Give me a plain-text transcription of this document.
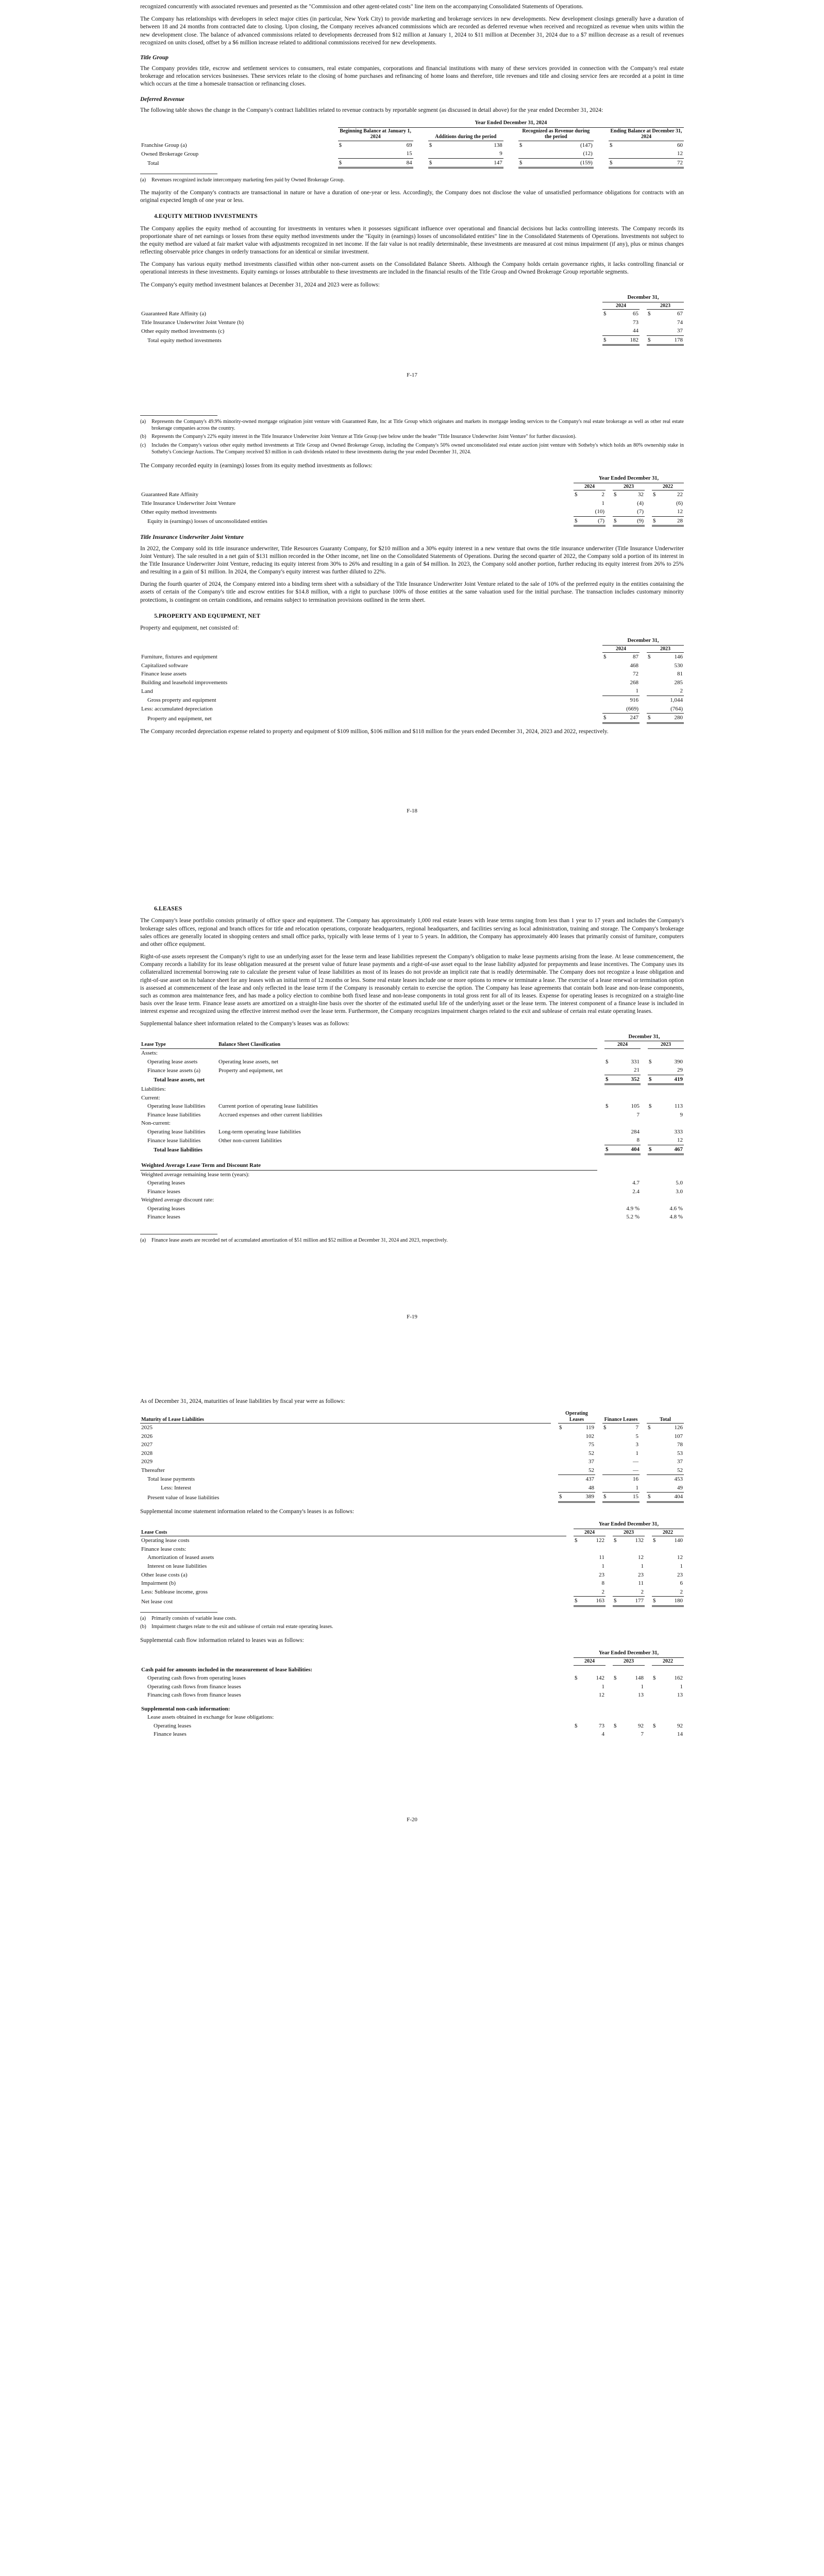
recognized concurrently with associated revenues and presented as the "Commission and other agent-related costs" line item on the accompanying Consolidated Statements of Operations.

The Company has relationships with developers in select major cities (in particular, New York City) to provide marketing and brokerage services in new developments. New development closings generally have a duration of between 18 and 24 months from contracted date to closing. Upon closing, the Company receives advanced commissions which are recorded as deferred revenue when received and recognized as revenue when units within the new development close. The balance of advanced commissions related to developments decreased from $12 million at January 1, 2024 to $11 million at December 31, 2024 due to a $7 million decrease as a result of revenues recognized on units closed, offset by a $6 million increase related to additional commissions received for new developments.

Title Group

The Company provides title, escrow and settlement services to consumers, real estate companies, corporations and financial institutions with many of these services provided in connection with the Company's real estate brokerage and relocation services businesses. These services relate to the closing of home purchases and refinancing of home loans and therefore, title revenues and title and closing service fees are recorded at a point in time which occurs at the time a homesale transaction or refinancing closes.

Deferred Revenue

The following table shows the change in the Company's contract liabilities related to revenue contracts by reportable segment (as discussed in detail above) for the year ended December 31, 2024:

		Year Ended December 31, 2024										
		Beginning Balance at January 1, 2024			Additions during the period			Recognized as Revenue during the period			Ending Balance at December 31, 2024	
Franchise Group (a)		$	69		$	138		$	(147)		$	60
Owned Brokerage Group			15			9			(12)			12
Total		$	84		$	147		$	(159)		$	72
(a)	Revenues recognized include intercompany marketing fees paid by Owned Brokerage Group.

The majority of the Company's contracts are transactional in nature or have a duration of one-year or less. Accordingly, the Company does not disclose the value of unsatisfied performance obligations for contracts with an original expected length of one year or less.

4.EQUITY METHOD INVESTMENTS

The Company applies the equity method of accounting for investments in ventures when it possesses significant influence over operational and financial decisions but lacks controlling interests. The Company records its proportionate share of net earnings or losses from these equity method investments under the "Equity in (earnings) losses of unconsolidated entities" line in the Consolidated Statements of Operations. Investments not subject to the equity method are valued at fair market value with adjustments recognized in net income. If the fair value is not readily determinable, these investments are measured at cost minus impairment (if any), plus or minus changes reflecting observable price changes in orderly transactions for an identical or similar investment.

The Company has various equity method investments classified within other non-current assets on the Consolidated Balance Sheets. Although the Company holds certain governance rights, it lacks controlling financial or operational interests in these investments. Equity earnings or losses attributable to these investments are included in the financial results of the Title Group and Owned Brokerage Group reportable segments.

The Company's equity method investment balances at December 31, 2024 and 2023 were as follows:

		December 31,				
		2024			2023	
Guaranteed Rate Affinity (a)		$	65		$	67
Title Insurance Underwriter Joint Venture (b)			73			74
Other equity method investments (c)			44			37
Total equity method investments		$	182		$	178
F-17
(a)	Represents the Company's 49.9% minority-owned mortgage origination joint venture with Guaranteed Rate, Inc at Title Group which originates and markets its mortgage lending services to the Company's real estate brokerage as well as other real estate brokerage companies across the country.
(b)	Represents the Company's 22% equity interest in the Title Insurance Underwriter Joint Venture at Title Group (see below under the header "Title Insurance Underwriter Joint Venture" for further discussion).
(c)	Includes the Company's various other equity method investments at Title Group and Owned Brokerage Group, including the Company's 50% owned unconsolidated real estate auction joint venture with Sotheby's which holds an 80% ownership stake in Sotheby's Concierge Auctions. The Company received $3 million in cash dividends related to these investments during the year ended December 31, 2024.

The Company recorded equity in (earnings) losses from its equity method investments as follows:

		Year Ended December 31,							
		2024			2023			2022	
Guaranteed Rate Affinity		$	2		$	32		$	22
Title Insurance Underwriter Joint Venture			1			(4)			(6)
Other equity method investments			(10)			(7)			12
Equity in (earnings) losses of unconsolidated entities		$	(7)		$	(9)		$	28
Title Insurance Underwriter Joint Venture

In 2022, the Company sold its title insurance underwriter, Title Resources Guaranty Company, for $210 million and a 30% equity interest in a new venture that owns the title insurance underwriter (Title Insurance Underwriter Joint Venture). The sale resulted in a net gain of $131 million recorded in the Other income, net line on the Consolidated Statements of Operations. During the second quarter of 2022, the Company sold a portion of its interest in the Title Insurance Underwriter Joint Venture, reducing its equity interest from 30% to 26% and resulting in a gain of $4 million. In 2023, the Company sold another portion, further reducing its equity interest from 26% to 25% and resulting in a gain of $1 million. In 2024, the Company's equity interest was further diluted to 22%.

During the fourth quarter of 2024, the Company entered into a binding term sheet with a subsidiary of the Title Insurance Underwriter Joint Venture related to the sale of 10% of the preferred equity in the entities containing the assets of certain of the Company's title and escrow entities for $14.8 million, with a right to purchase 100% of those entities at the same valuation used for the initial purchase. The transaction includes customary minority protections, is contingent on certain conditions, and remains subject to termination provisions outlined in the term sheet.

5.PROPERTY AND EQUIPMENT, NET

Property and equipment, net consisted of:

		December 31,				
		2024			2023	
Furniture, fixtures and equipment		$	87		$	146
Capitalized software			468			530
Finance lease assets			72			81
Building and leasehold improvements			268			285
Land			1			2
Gross property and equipment			916			1,044
Less: accumulated depreciation			(669)			(764)
Property and equipment, net		$	247		$	280

The Company recorded depreciation expense related to property and equipment of $109 million, $106 million and $118 million for the years ended December 31, 2024, 2023 and 2022, respectively.

F-18
6.LEASES

The Company's lease portfolio consists primarily of office space and equipment. The Company has approximately 1,000 real estate leases with lease terms ranging from less than 1 year to 17 years and includes the Company's brokerage sales offices, regional and branch offices for title and relocation operations, corporate headquarters, regional headquarters, and facilities serving as local administration, training and storage. The Company's brokerage sales offices are generally located in shopping centers and small office parks, typically with lease terms of 1 year to 5 years. In addition, the Company has approximately 400 leases that primarily consist of furniture, computers and other office equipment.

Right-of-use assets represent the Company's right to use an underlying asset for the lease term and lease liabilities represent the Company's obligation to make lease payments arising from the lease. At lease commencement, the Company records a liability for its lease obligation measured at the present value of future lease payments and a right-of-use asset equal to the lease liability adjusted for prepayments and lease incentives. The Company uses its collateralized incremental borrowing rate to calculate the present value of lease liabilities as most of its leases do not provide an implicit rate that is readily determinable. The Company does not recognize a lease obligation and right-of-use asset on its balance sheet for any leases with an initial term of 12 months or less. Some real estate leases include one or more options to renew or terminate a lease. The exercise of a lease renewal or termination option is assessed at commencement of the lease and only reflected in the lease term if the Company is reasonably certain to exercise the option. The Company has lease agreements that contain both lease and non-lease components, such as common area maintenance fees, and has made a policy election to combine both fixed lease and non-lease components in total gross rent for all of its leases. Expense for operating leases is recognized on a straight-line basis over the lease term. Finance lease assets are amortized on a straight-line basis over the shorter of the estimated useful life of the underlying asset or the lease term. The interest component of a finance lease is included in interest expense and recognized using the effective interest method over the lease term. Furthermore, the Company recognizes impairment charges related to the exit and sublease of certain real estate operating leases.

Supplemental balance sheet information related to the Company's leases was as follows:

			December 31,				
Lease Type	Balance Sheet Classification		2024			2023	
Assets:							
Operating lease assets	Operating lease assets, net		$	331		$	390
Finance lease assets (a)	Property and equipment, net			21			29
Total lease assets, net			$	352		$	419
Liabilities:							
Current:							
Operating lease liabilities	Current portion of operating lease liabilities		$	105		$	113
Finance lease liabilities	Accrued expenses and other current liabilities			7			9
Non-current:							
Operating lease liabilities	Long-term operating lease liabilities			284			333
Finance lease liabilities	Other non-current liabilities			8			12
Total lease liabilities			$	404		$	467

Weighted Average Lease Term and Discount Rate							
Weighted average remaining lease term (years):							
Operating leases				4.7			5.0
Finance leases				2.4			3.0
Weighted average discount rate:							
Operating leases				4.9 %			4.6 %
Finance leases				5.2 %			4.8 %
(a)	Finance lease assets are recorded net of accumulated amortization of $51 million and $52 million at December 31, 2024 and 2023, respectively.
F-19

As of December 31, 2024, maturities of lease liabilities by fiscal year were as follows:

Maturity of Lease Liabilities		Operating Leases			Finance Leases			Total	
2025		$	119		$	7		$	126
2026			102			5			107
2027			75			3			78
2028			52			1			53
2029			37			—			37
Thereafter			52			—			52
Total lease payments			437			16			453
Less: Interest			48			1			49
Present value of lease liabilities		$	389		$	15		$	404

Supplemental income statement information related to the Company's leases is as follows:

		Year Ended December 31,							
Lease Costs		2024			2023			2022	
Operating lease costs		$	122		$	132		$	140
Finance lease costs:									
Amortization of leased assets			11			12			12
Interest on lease liabilities			1			1			1
Other lease costs (a)			23			23			23
Impairment (b)			8			11			6
Less: Sublease income, gross			2			2			2
Net lease cost		$	163		$	177		$	180
(a)	Primarily consists of variable lease costs.
(b)	Impairment charges relate to the exit and sublease of certain real estate operating leases.

Supplemental cash flow information related to leases was as follows:

		Year Ended December 31,							
		2024			2023			2022	
Cash paid for amounts included in the measurement of lease liabilities:									
Operating cash flows from operating leases		$	142		$	148		$	162
Operating cash flows from finance leases			1			1			1
Financing cash flows from finance leases			12			13			13

Supplemental non-cash information:									
Lease assets obtained in exchange for lease obligations:									
Operating leases		$	73		$	92		$	92
Finance leases			4			7			14
F-20
